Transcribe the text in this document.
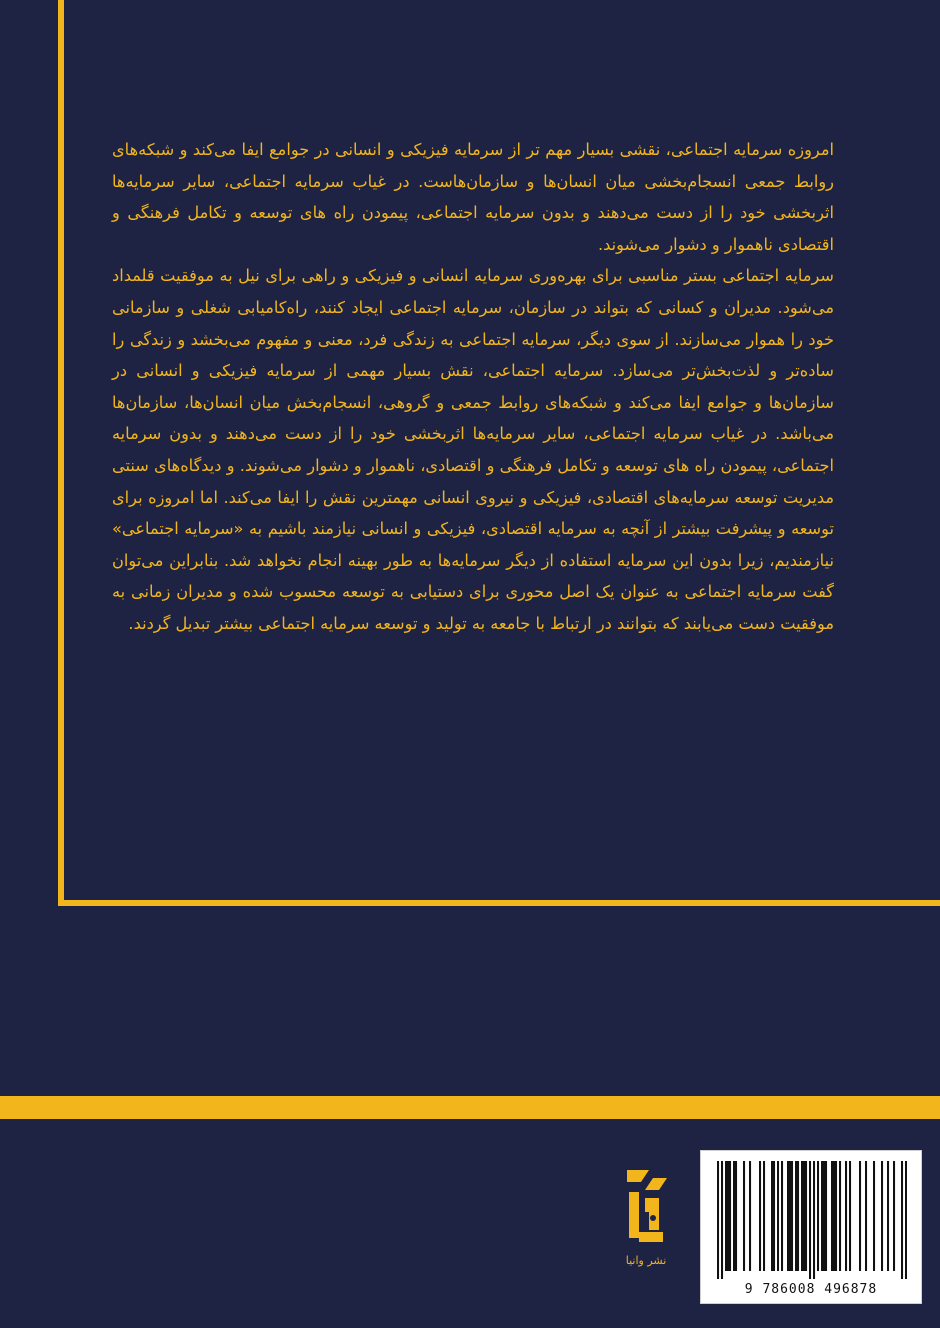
امروزه سرمایه اجتماعی، نقشی بسیار مهم تر از سرمایه فیزیکی و انسانی در جوامع ایفا می‌کند و شبکه‌های روابط جمعی انسجام‌بخشی میان انسان‌ها و سازمان‌هاست. در غیاب سرمایه اجتماعی، سایر سرمایه‌ها اثربخشی خود را از دست می‌دهند و بدون سرمایه اجتماعی، پیمودن راه های توسعه و تکامل فرهنگی و اقتصادی ناهموار و دشوار می‌شوند.

سرمایه اجتماعی بستر مناسبی برای بهره‌وری سرمایه انسانی و فیزیکی و راهی برای نیل به موفقیت قلمداد می‌شود. مدیران و کسانی که بتواند در سازمان، سرمایه اجتماعی ایجاد کنند، راه‌کامیابی شغلی و سازمانی خود را هموار می‌سازند. از سوی دیگر، سرمایه اجتماعی به زندگی فرد، معنی و مفهوم می‌بخشد و زندگی را ساده‌تر و لذت‌بخش‌تر می‌سازد. سرمایه اجتماعی، نقش بسیار مهمی از سرمایه فیزیکی و انسانی در سازمان‌ها و جوامع ایفا می‌کند و شبکه‌های روابط جمعی و گروهی، انسجام‌بخش میان انسان‌ها، سازمان‌ها می‌باشد. در غیاب سرمایه اجتماعی، سایر سرمایه‌ها اثربخشی خود را از دست می‌دهند و بدون سرمایه اجتماعی، پیمودن راه های توسعه و تکامل فرهنگی و اقتصادی، ناهموار و دشوار می‌شوند. و دیدگاه‌های سنتی مدیریت توسعه سرمایه‌های اقتصادی، فیزیکی و نیروی انسانی مهمترین نقش را ایفا می‌کند. اما امروزه برای توسعه و پیشرفت بیشتر از آنچه به سرمایه اقتصادی، فیزیکی و انسانی نیازمند باشیم به «سرمایه اجتماعی» نیازمندیم، زیرا بدون این سرمایه استفاده از دیگر سرمایه‌ها به طور بهینه انجام نخواهد شد. بنابراین می‌توان گفت سرمایه اجتماعی به عنوان یک اصل محوری برای دستیابی به توسعه محسوب شده و مدیران زمانی به موفقیت دست می‌یابند که بتوانند در ارتباط با جامعه به تولید و توسعه سرمایه اجتماعی بیشتر تبدیل گردند.

نشر وانیا
9 786008 496878
